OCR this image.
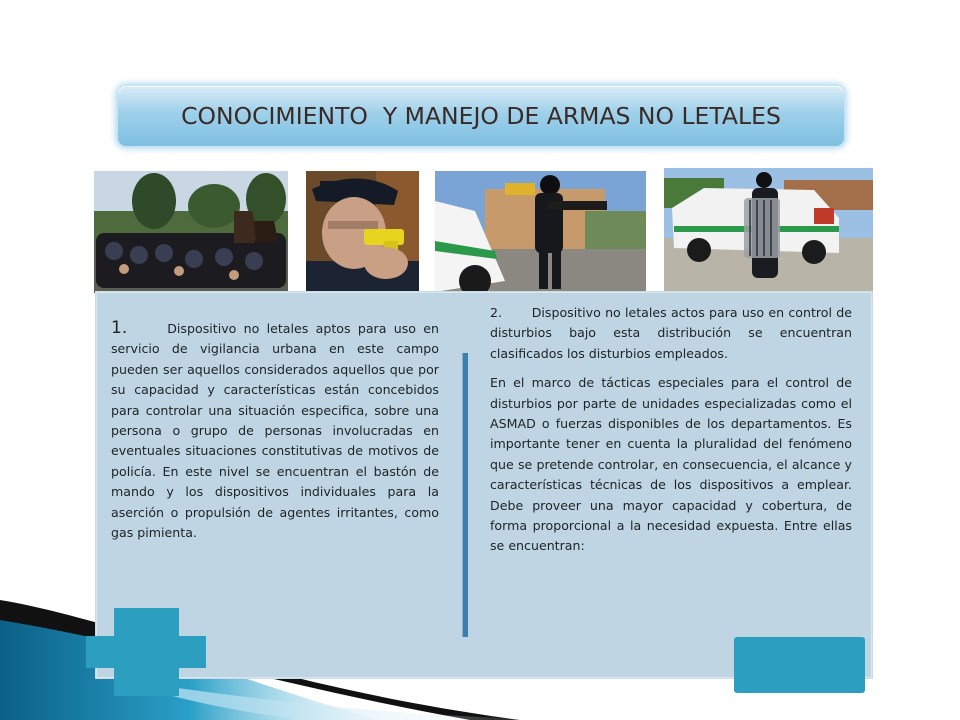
CONOCIMIENTO  Y MANEJO DE ARMAS NO LETALES

1.	Dispositivo no letales aptos para uso en servicio de vigilancia urbana en este campo pueden ser aquellos considerados aquellos que por su capacidad y características están concebidos para controlar una situación especifica, sobre una persona o grupo de personas involucradas en eventuales situaciones constitutivas de motivos de policía. En este nivel se encuentran el bastón de mando y los dispositivos individuales para la aserción o propulsión de agentes irritantes, como gas pimienta.

2.       Dispositivo no letales actos para uso en control de disturbios bajo esta distribución se encuentran clasificados los disturbios empleados.

En el marco de tácticas especiales para el control de disturbios por parte de unidades especializadas como el ASMAD o fuerzas disponibles de los departamentos. Es importante tener en cuenta la pluralidad del fenómeno que se pretende controlar, en consecuencia, el alcance y características técnicas de los dispositivos a emplear. Debe proveer una mayor capacidad y cobertura, de forma proporcional a la necesidad expuesta. Entre ellas se encuentran:
